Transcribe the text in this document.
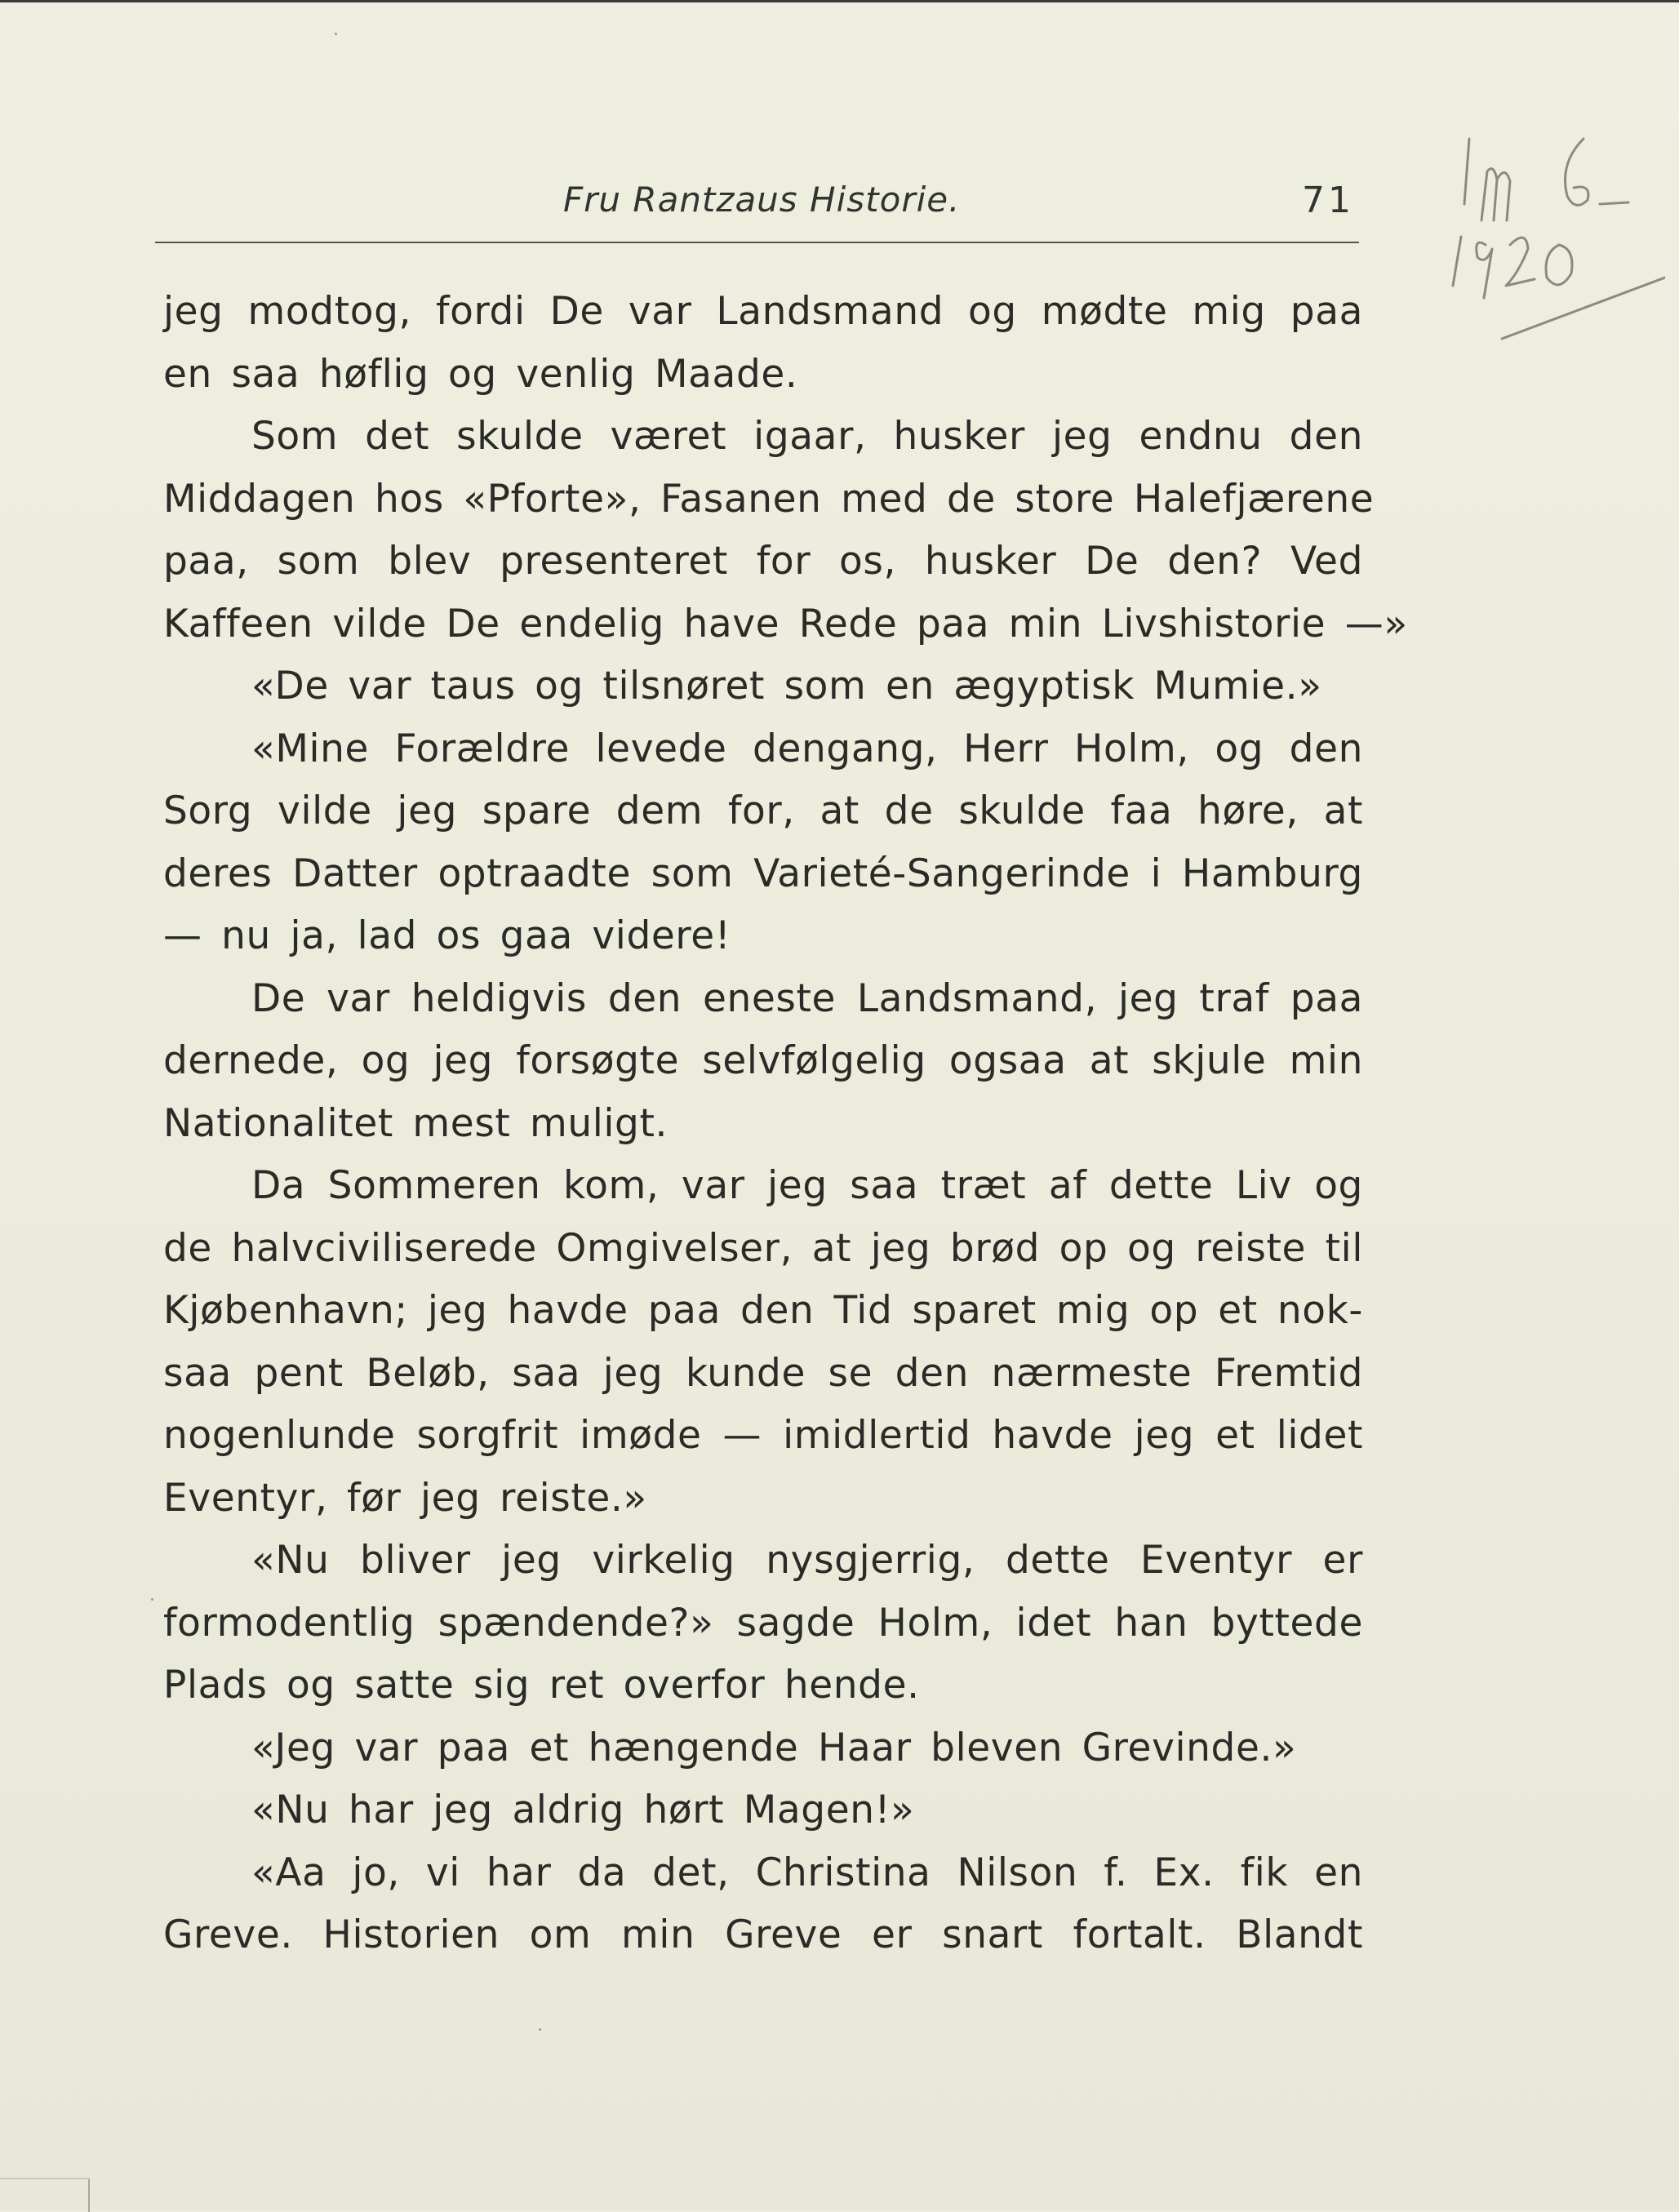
Fru Rantzaus Historie.	71
jeg modtog, fordi De var Landsmand og mødte mig paa
en saa høflig og venlig Maade.
Som det skulde været igaar, husker jeg endnu den
Middagen hos «Pforte», Fasanen med de store Halefjærene
paa, som blev presenteret for os, husker De den? Ved
Kaffeen vilde De endelig have Rede paa min Livshistorie —»
«De var taus og tilsnøret som en ægyptisk Mumie.»
«Mine Forældre levede dengang, Herr Holm, og den
Sorg vilde jeg spare dem for, at de skulde faa høre, at
deres Datter optraadte som Varieté-Sangerinde i Hamburg
— nu ja, lad os gaa videre!
De var heldigvis den eneste Landsmand, jeg traf paa
dernede, og jeg forsøgte selvfølgelig ogsaa at skjule min
Nationalitet mest muligt.
Da Sommeren kom, var jeg saa træt af dette Liv og
de halvciviliserede Omgivelser, at jeg brød op og reiste til
Kjøbenhavn; jeg havde paa den Tid sparet mig op et nok-
saa pent Beløb, saa jeg kunde se den nærmeste Fremtid
nogenlunde sorgfrit imøde — imidlertid havde jeg et lidet
Eventyr, før jeg reiste.»
«Nu bliver jeg virkelig nysgjerrig, dette Eventyr er
formodentlig spændende?» sagde Holm, idet han byttede
Plads og satte sig ret overfor hende.
«Jeg var paa et hængende Haar bleven Grevinde.»
«Nu har jeg aldrig hørt Magen!»
«Aa jo, vi har da det, Christina Nilson f. Ex. fik en
Greve. Historien om min Greve er snart fortalt. Blandt
